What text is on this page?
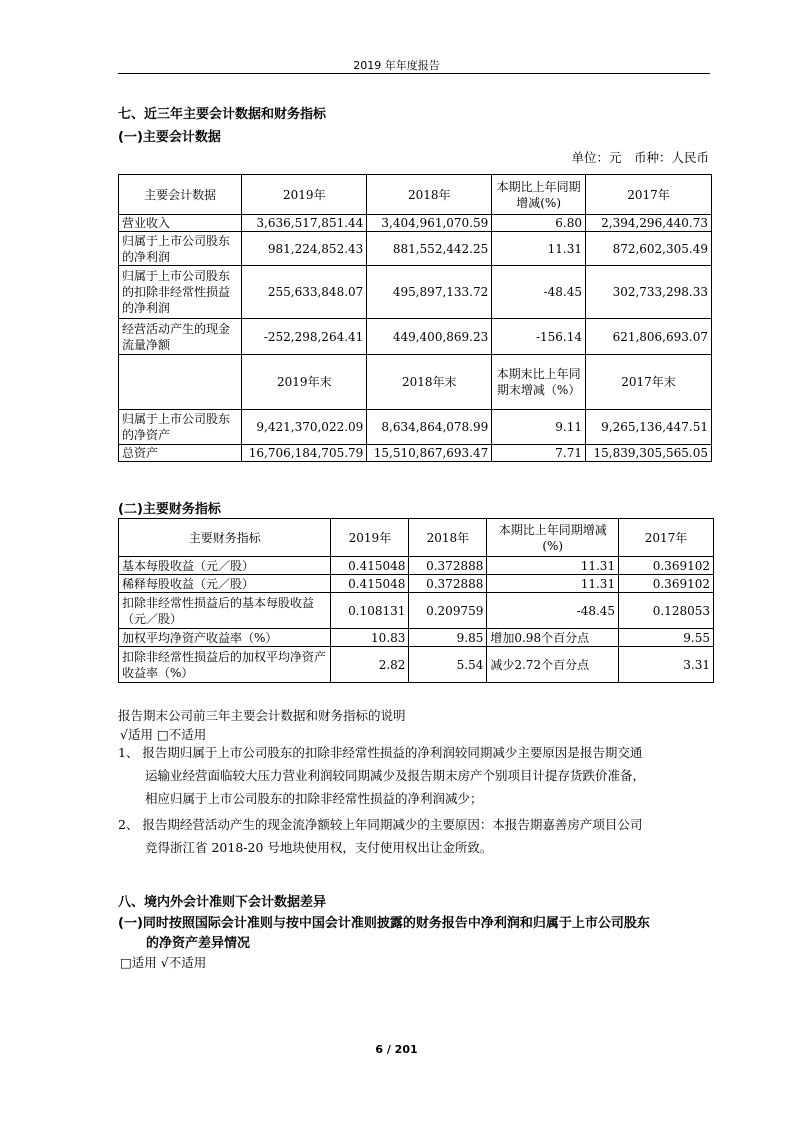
2019 年年度报告
七、近三年主要会计数据和财务指标
(一)主要会计数据
单位：元　币种：人民币
主要会计数据	2019年	2018年	本期比上年同期增减(%)	2017年
营业收入	3,636,517,851.44	3,404,961,070.59	6.80	2,394,296,440.73
归属于上市公司股东的净利润	981,224,852.43	881,552,442.25	11.31	872,602,305.49
归属于上市公司股东的扣除非经常性损益的净利润	255,633,848.07	495,897,133.72	-48.45	302,733,298.33
经营活动产生的现金流量净额	-252,298,264.41	449,400,869.23	-156.14	621,806,693.07
	2019年末	2018年末	本期末比上年同期末增减（%）	2017年末
归属于上市公司股东的净资产	9,421,370,022.09	8,634,864,078.99	9.11	9,265,136,447.51
总资产	16,706,184,705.79	15,510,867,693.47	7.71	15,839,305,565.05
(二)主要财务指标
主要财务指标	2019年	2018年	本期比上年同期增减(%)	2017年
基本每股收益（元／股）	0.415048	0.372888	11.31	0.369102
稀释每股收益（元／股）	0.415048	0.372888	11.31	0.369102
扣除非经常性损益后的基本每股收益（元／股）	0.108131	0.209759	-48.45	0.128053
加权平均净资产收益率（%）	10.83	9.85	增加0.98个百分点	9.55
扣除非经常性损益后的加权平均净资产收益率（%）	2.82	5.54	减少2.72个百分点	3.31
报告期末公司前三年主要会计数据和财务指标的说明
√适用 □不适用
1、 报告期归属于上市公司股东的扣除非经常性损益的净利润较同期减少主要原因是报告期交通
运输业经营面临较大压力营业利润较同期减少及报告期末房产个别项目计提存货跌价准备，
相应归属于上市公司股东的扣除非经常性损益的净利润减少；
2、 报告期经营活动产生的现金流净额较上年同期减少的主要原因：本报告期嘉善房产项目公司
竞得浙江省 2018-20 号地块使用权，支付使用权出让金所致。
八、境内外会计准则下会计数据差异
(一)同时按照国际会计准则与按中国会计准则披露的财务报告中净利润和归属于上市公司股东
的净资产差异情况
□适用 √不适用
6 / 201
